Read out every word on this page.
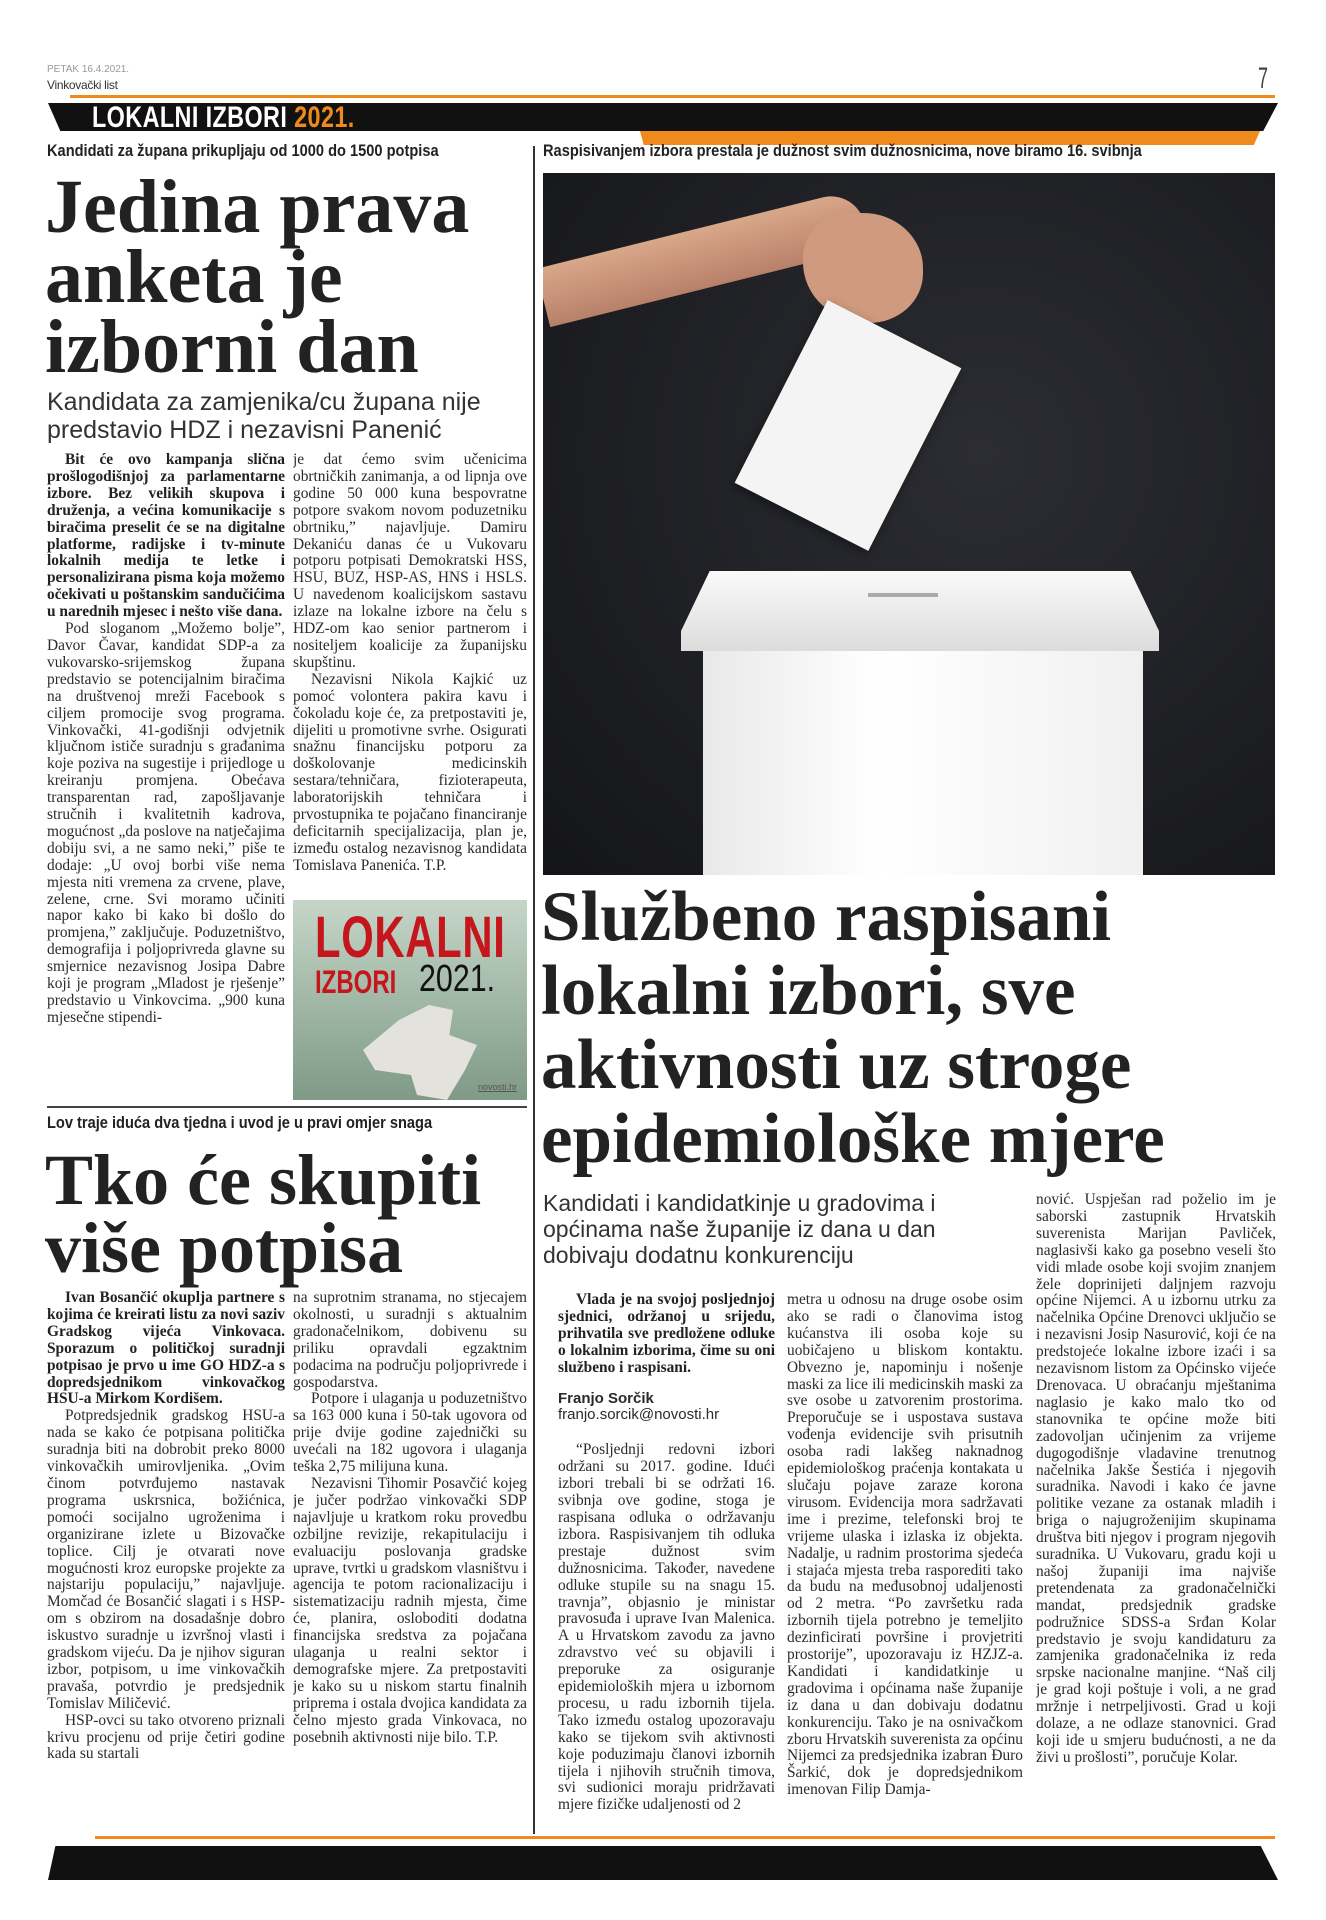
PETAK 16.4.2021.
Vinkovački list	7
LOKALNI IZBORI 2021.
Kandidati za župana prikupljaju od 1000 do 1500 potpisa
Jedina prava
anketa je
izborni dan
Kandidata za zamjenika/cu župana nije predstavio HDZ i nezavisni Panenić

Bit će ovo kampanja slična prošlogodišnjoj za parlamentarne izbore. Bez velikih skupova i druženja, a većina komunikacije s biračima preselit će se na digitalne platforme, radijske i tv-minute lokalnih medija te letke i personalizirana pisma koja možemo očekivati u poštanskim sandučićima u narednih mjesec i nešto više dana.

Pod sloganom „Možemo bolje”, Davor Čavar, kandidat SDP-a za vukovarsko-srijemskog župana predstavio se potencijalnim biračima na društvenoj mreži Facebook s ciljem promocije svog programa. Vinkovački, 41-godišnji odvjetnik ključnom ističe suradnju s građanima koje poziva na sugestije i prijedloge u kreiranju promjena. Obećava transparentan rad, zapošljavanje stručnih i kvalitetnih kadrova, mogućnost „da poslove na natječajima dobiju svi, a ne samo neki,” piše te dodaje: „U ovoj borbi više nema mjesta niti vremena za crvene, plave, zelene, crne. Svi moramo učiniti napor kako bi kako bi došlo do promjena,” zaključuje. Poduzetništvo, demografija i poljoprivreda glavne su smjernice nezavisnog Josipa Dabre koji je program „Mladost je rješenje” predstavio u Vinkovcima. „900 kuna mjesečne stipendi-

je dat ćemo svim učenicima obrtničkih zanimanja, a od lipnja ove godine 50 000 kuna bespovratne potpore svakom novom poduzetniku obrtniku,” najavljuje. Damiru Dekaniću danas će u Vukovaru potporu potpisati Demokratski HSS, HSU, BUZ, HSP-AS, HNS i HSLS. U navedenom koalicijskom sastavu izlaze na lokalne izbore na čelu s HDZ-om kao senior partnerom i nositeljem koalicije za županijsku skupštinu.

Nezavisni Nikola Kajkić uz pomoć volontera pakira kavu i čokoladu koje će, za pretpostaviti je, dijeliti u promotivne svrhe. Osigurati snažnu financijsku potporu za doškolovanje medicinskih sestara/tehničara, fizioterapeuta, laboratorijskih tehničara i prvostupnika te pojačano financiranje deficitarnih specijalizacija, plan je, između ostalog nezavisnog kandidata Tomislava Panenića. T.P.

LOKALNI
IZBORI 2021.
novosti.hr
Lov traje iduća dva tjedna i uvod je u pravi omjer snaga
Tko će skupiti
više potpisa

Ivan Bosančić okuplja partnere s kojima će kreirati listu za novi saziv Gradskog vijeća Vinkovaca. Sporazum o političkoj suradnji potpisao je prvo u ime GO HDZ-a s dopredsjednikom vinkovačkog HSU-a Mirkom Kordišem.

Potpredsjednik gradskog HSU-a nada se kako će potpisana politička suradnja biti na dobrobit preko 8000 vinkovačkih umirovljenika. „Ovim činom potvrđujemo nastavak programa uskrsnica, božićnica, pomoći socijalno ugroženima i organizirane izlete u Bizovačke toplice. Cilj je otvarati nove mogućnosti kroz europske projekte za najstariju populaciju,” najavljuje. Momčad će Bosančić slagati i s HSP-om s obzirom na dosadašnje dobro iskustvo suradnje u izvršnoj vlasti i gradskom vijeću. Da je njihov siguran izbor, potpisom, u ime vinkovačkih pravaša, potvrdio je predsjednik Tomislav Miličević.

HSP-ovci su tako otvoreno priznali krivu procjenu od prije četiri godine kada su startali

na suprotnim stranama, no stjecajem okolnosti, u suradnji s aktualnim gradonačelnikom, dobivenu su priliku opravdali egzaktnim podacima na području poljoprivrede i gospodarstva.

Potpore i ulaganja u poduzetništvo sa 163 000 kuna i 50-tak ugovora od prije dvije godine zajednički su uvećali na 182 ugovora i ulaganja teška 2,75 milijuna kuna.

Nezavisni Tihomir Posavčić kojeg je jučer podržao vinkovački SDP najavljuje u kratkom roku provedbu ozbiljne revizije, rekapitulaciju i evaluaciju poslovanja gradske uprave, tvrtki u gradskom vlasništvu i agencija te potom racionalizaciju i sistematizaciju radnih mjesta, čime će, planira, osloboditi dodatna financijska sredstva za pojačana ulaganja u realni sektor i demografske mjere. Za pretpostaviti je kako su u niskom startu finalnih priprema i ostala dvojica kandidata za čelno mjesto grada Vinkovaca, no posebnih aktivnosti nije bilo. T.P.

Raspisivanjem izbora prestala je dužnost svim dužnosnicima, nove biramo 16. svibnja
Službeno raspisani
lokalni izbori, sve
aktivnosti uz stroge
epidemiološke mjere
Kandidati i kandidatkinje u gradovima i općinama naše županije iz dana u dan dobivaju dodatnu konkurenciju

Vlada je na svojoj posljednjoj sjednici, održanoj u srijedu, prihvatila sve predložene odluke o lokalnim izborima, čime su oni službeno i raspisani.

Franjo Sorčik
franjo.sorcik@novosti.hr

“Posljednji redovni izbori održani su 2017. godine. Idući izbori trebali bi se održati 16. svibnja ove godine, stoga je raspisana odluka o održavanju izbora. Raspisivanjem tih odluka prestaje dužnost svim dužnosnicima. Također, navedene odluke stupile su na snagu 15. travnja”, objasnio je ministar pravosuđa i uprave Ivan Malenica. A u Hrvatskom zavodu za javno zdravstvo već su objavili i preporuke za osiguranje epidemioloških mjera u izbornom procesu, u radu izbornih tijela. Tako između ostalog upozoravaju kako se tijekom svih aktivnosti koje poduzimaju članovi izbornih tijela i njihovih stručnih timova, svi sudionici moraju pridržavati mjere fizičke udaljenosti od 2

metra u odnosu na druge osobe osim ako se radi o članovima istog kućanstva ili osoba koje su uobičajeno u bliskom kontaktu. Obvezno je, napominju i nošenje maski za lice ili medicinskih maski za sve osobe u zatvorenim prostorima. Preporučuje se i uspostava sustava vođenja evidencije svih prisutnih osoba radi lakšeg naknadnog epidemiološkog praćenja kontakata u slučaju pojave zaraze korona virusom. Evidencija mora sadržavati ime i prezime, telefonski broj te vrijeme ulaska i izlaska iz objekta. Nadalje, u radnim prostorima sjedeća i stajaća mjesta treba rasporediti tako da budu na međusobnoj udaljenosti od 2 metra. “Po završetku rada izbornih tijela potrebno je temeljito dezinficirati površine i provjetriti prostorije”, upozoravaju iz HZJZ-a. Kandidati i kandidatkinje u gradovima i općinama naše županije iz dana u dan dobivaju dodatnu konkurenciju. Tako je na osnivačkom zboru Hrvatskih suverenista za općinu Nijemci za predsjednika izabran Đuro Šarkić, dok je dopredsjednikom imenovan Filip Damja-

nović. Uspješan rad poželio im je saborski zastupnik Hrvatskih suverenista Marijan Pavliček, naglasivši kako ga posebno veseli što vidi mlade osobe koji svojim znanjem žele doprinijeti daljnjem razvoju općine Nijemci. A u izbornu utrku za načelnika Općine Drenovci uključio se i nezavisni Josip Nasurović, koji će na predstojeće lokalne izbore izaći i sa nezavisnom listom za Općinsko vijeće Drenovaca. U obraćanju mještanima naglasio je kako malo tko od stanovnika te općine može biti zadovoljan učinjenim za vrijeme dugogodišnje vladavine trenutnog načelnika Jakše Šestića i njegovih suradnika. Navodi i kako će javne politike vezane za ostanak mladih i briga o najugroženijim skupinama društva biti njegov i program njegovih suradnika. U Vukovaru, gradu koji u našoj županiji ima najviše pretendenata za gradonačelnički mandat, predsjednik gradske podružnice SDSS-a Srđan Kolar predstavio je svoju kandidaturu za zamjenika gradonačelnika iz reda srpske nacionalne manjine. “Naš cilj je grad koji poštuje i voli, a ne grad mržnje i netrpeljivosti. Grad u koji dolaze, a ne odlaze stanovnici. Grad koji ide u smjeru budućnosti, a ne da živi u prošlosti”, poručuje Kolar.
